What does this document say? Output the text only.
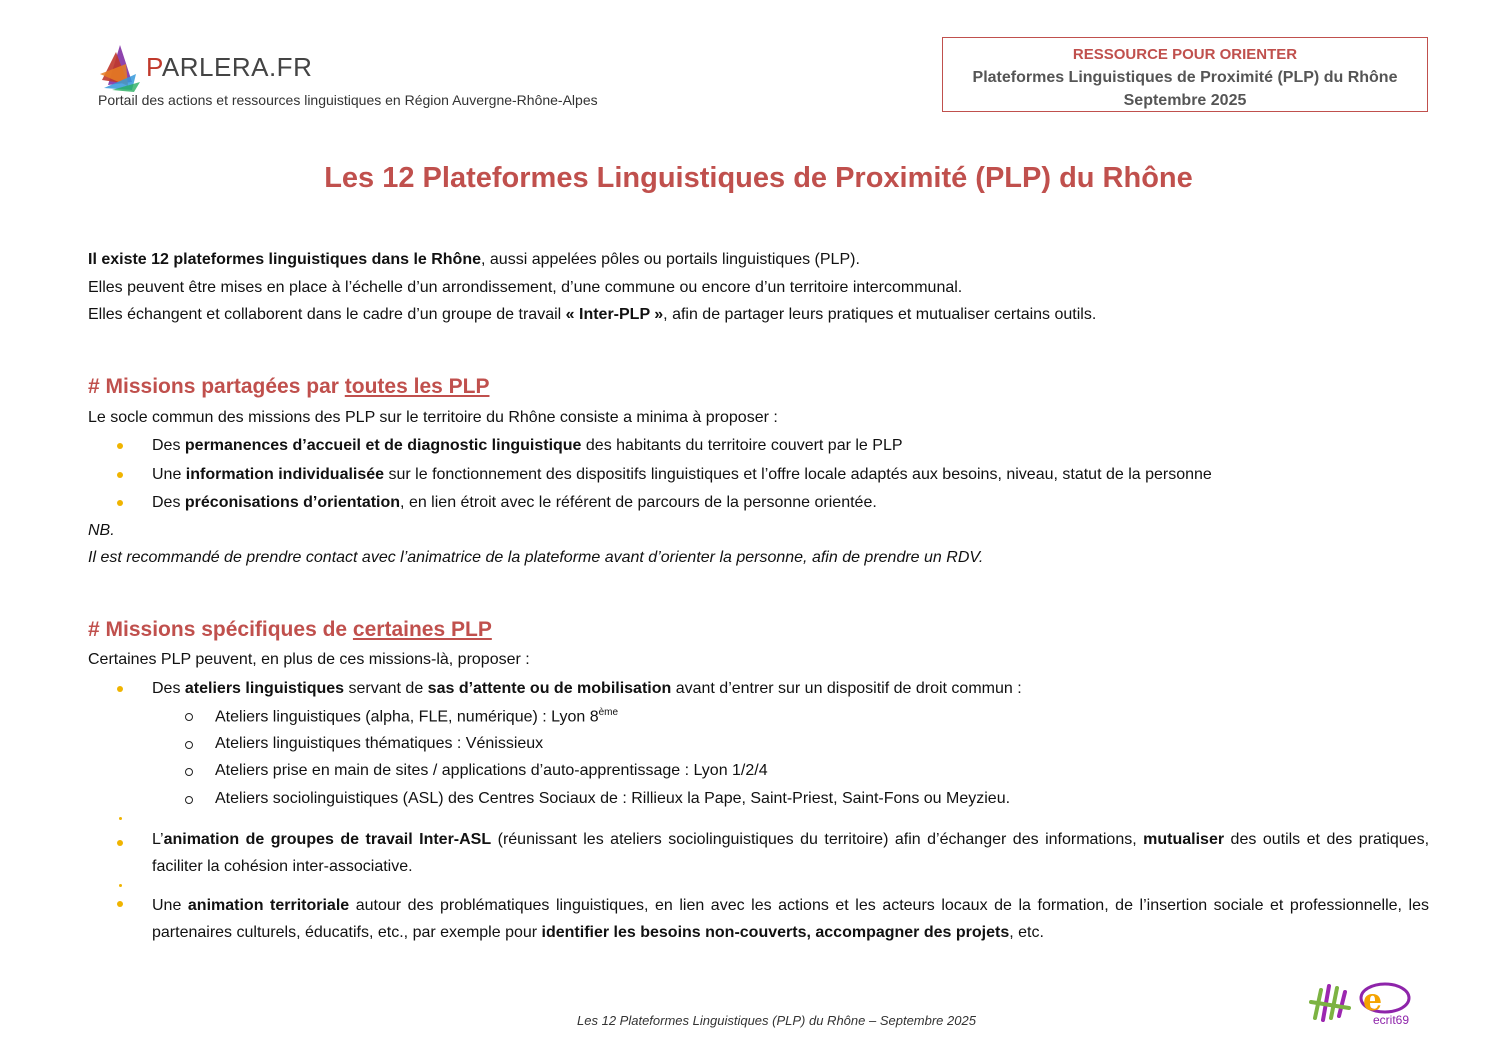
PARLERA.FR
Portail des actions et ressources linguistiques en Région Auvergne-Rhône-Alpes
RESSOURCE POUR ORIENTER
Plateformes Linguistiques de Proximité (PLP) du Rhône
Septembre 2025
Les 12 Plateformes Linguistiques de Proximité (PLP) du Rhône
Il existe 12 plateformes linguistiques dans le Rhône, aussi appelées pôles ou portails linguistiques (PLP).
Elles peuvent être mises en place à l’échelle d’un arrondissement, d’une commune ou encore d’un territoire intercommunal.
Elles échangent et collaborent dans le cadre d’un groupe de travail « Inter-PLP », afin de partager leurs pratiques et mutualiser certains outils.
# Missions partagées par toutes les PLP
Le socle commun des missions des PLP sur le territoire du Rhône consiste a minima à proposer :
Des permanences d’accueil et de diagnostic linguistique des habitants du territoire couvert par le PLP
Une information individualisée sur le fonctionnement des dispositifs linguistiques et l’offre locale adaptés aux besoins, niveau, statut de la personne
Des préconisations d’orientation, en lien étroit avec le référent de parcours de la personne orientée.
NB.
Il est recommandé de prendre contact avec l’animatrice de la plateforme avant d’orienter la personne, afin de prendre un RDV.
# Missions spécifiques de certaines PLP
Certaines PLP peuvent, en plus de ces missions-là, proposer :
Des ateliers linguistiques servant de sas d’attente ou de mobilisation avant d’entrer sur un dispositif de droit commun :
Ateliers linguistiques (alpha, FLE, numérique) : Lyon 8ème
Ateliers linguistiques thématiques : Vénissieux
Ateliers prise en main de sites / applications d’auto-apprentissage : Lyon 1/2/4
Ateliers sociolinguistiques (ASL) des Centres Sociaux de : Rillieux la Pape, Saint-Priest, Saint-Fons ou Meyzieu.
L’animation de groupes de travail Inter-ASL (réunissant les ateliers sociolinguistiques du territoire) afin d’échanger des informations, mutualiser des outils et des pratiques, faciliter la cohésion inter-associative.
Une animation territoriale autour des problématiques linguistiques, en lien avec les actions et les acteurs locaux de la formation, de l’insertion sociale et professionnelle, les partenaires culturels, éducatifs, etc., par exemple pour identifier les besoins non-couverts, accompagner des projets, etc.
Les 12 Plateformes Linguistiques (PLP) du Rhône – Septembre 2025
e
ecrit69
